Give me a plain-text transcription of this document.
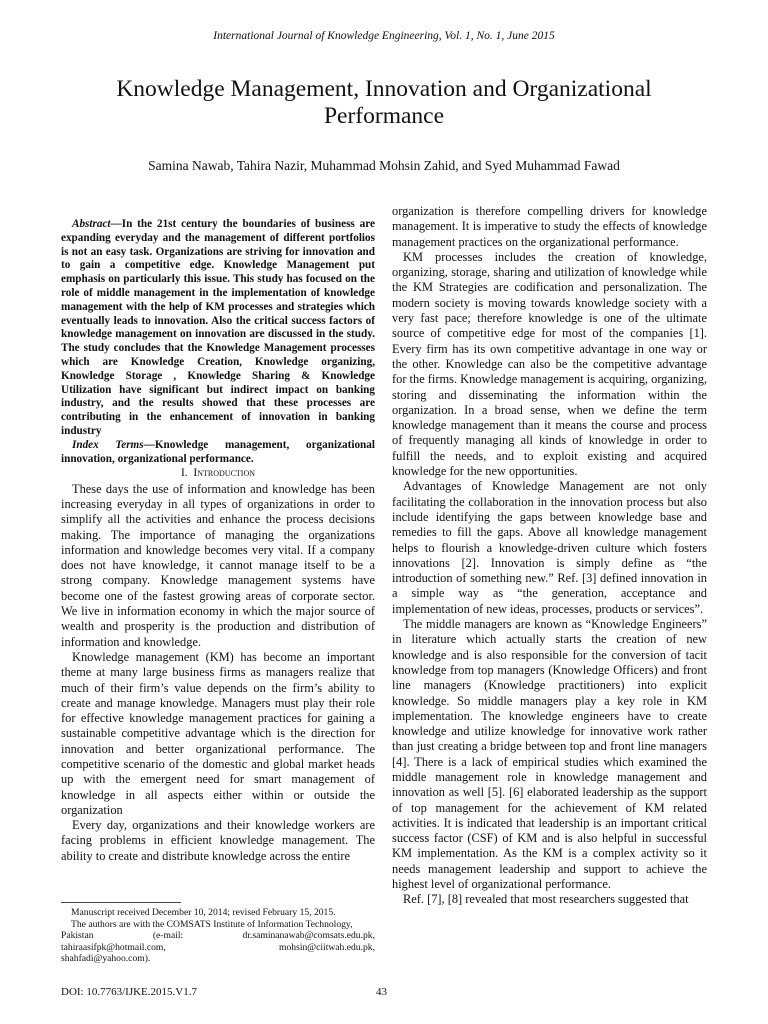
International Journal of Knowledge Engineering, Vol. 1, No. 1, June 2015
Knowledge Management, Innovation and Organizational Performance
Samina Nawab, Tahira Nazir, Muhammad Mohsin Zahid, and Syed Muhammad Fawad

Abstract—In the 21st century the boundaries of business are expanding everyday and the management of different portfolios is not an easy task. Organizations are striving for innovation and to gain a competitive edge. Knowledge Management put emphasis on particularly this issue. This study has focused on the role of middle management in the implementation of knowledge management with the help of KM processes and strategies which eventually leads to innovation. Also the critical success factors of knowledge management on innovation are discussed in the study. The study concludes that the Knowledge Management processes which are Knowledge Creation, Knowledge organizing, Knowledge Storage , Knowledge Sharing & Knowledge Utilization have significant but indirect impact on banking industry, and the results showed that these processes are contributing in the enhancement of innovation in banking industry

Index Terms—Knowledge management, organizational innovation, organizational performance.

I. Introduction

These days the use of information and knowledge has been increasing everyday in all types of organizations in order to simplify all the activities and enhance the process decisions making. The importance of managing the organizations information and knowledge becomes very vital. If a company does not have knowledge, it cannot manage itself to be a strong company. Knowledge management systems have become one of the fastest growing areas of corporate sector. We live in information economy in which the major source of wealth and prosperity is the production and distribution of information and knowledge.

Knowledge management (KM) has become an important theme at many large business firms as managers realize that much of their firm’s value depends on the firm’s ability to create and manage knowledge. Managers must play their role for effective knowledge management practices for gaining a sustainable competitive advantage which is the direction for innovation and better organizational performance. The competitive scenario of the domestic and global market heads up with the emergent need for smart management of knowledge in all aspects either within or outside the organization

Every day, organizations and their knowledge workers are facing problems in efficient knowledge management. The ability to create and distribute knowledge across the entire

organization is therefore compelling drivers for knowledge management. It is imperative to study the effects of knowledge management practices on the organizational performance.

KM processes includes the creation of knowledge, organizing, storage, sharing and utilization of knowledge while the KM Strategies are codification and personalization. The modern society is moving towards knowledge society with a very fast pace; therefore knowledge is one of the ultimate source of competitive edge for most of the companies [1]. Every firm has its own competitive advantage in one way or the other. Knowledge can also be the competitive advantage for the firms. Knowledge management is acquiring, organizing, storing and disseminating the information within the organization. In a broad sense, when we define the term knowledge management than it means the course and process of frequently managing all kinds of knowledge in order to fulfill the needs, and to exploit existing and acquired knowledge for the new opportunities.

Advantages of Knowledge Management are not only facilitating the collaboration in the innovation process but also include identifying the gaps between knowledge base and remedies to fill the gaps. Above all knowledge management helps to flourish a knowledge-driven culture which fosters innovations [2]. Innovation is simply define as “the introduction of something new.” Ref. [3] defined innovation in a simple way as “the generation, acceptance and implementation of new ideas, processes, products or services”.

The middle managers are known as “Knowledge Engineers” in literature which actually starts the creation of new knowledge and is also responsible for the conversion of tacit knowledge from top managers (Knowledge Officers) and front line managers (Knowledge practitioners) into explicit knowledge. So middle managers play a key role in KM implementation. The knowledge engineers have to create knowledge and utilize knowledge for innovative work rather than just creating a bridge between top and front line managers [4]. There is a lack of empirical studies which examined the middle management role in knowledge management and innovation as well [5]. [6] elaborated leadership as the support of top management for the achievement of KM related activities. It is indicated that leadership is an important critical success factor (CSF) of KM and is also helpful in successful KM implementation. As the KM is a complex activity so it needs management leadership and support to achieve the highest level of organizational performance.

Ref. [7], [8] revealed that most researchers suggested that

Manuscript received December 10, 2014; revised February 15, 2015.
The authors are with the COMSATS Institute of Information Technology,
Pakistan	(e-mail:	dr.saminanawab@comsats.edu.pk,
tahiraasifpk@hotmail.com,	mohsin@ciitwah.edu.pk,
shahfadi@yahoo.com).
DOI: 10.7763/IJKE.2015.V1.7	43
